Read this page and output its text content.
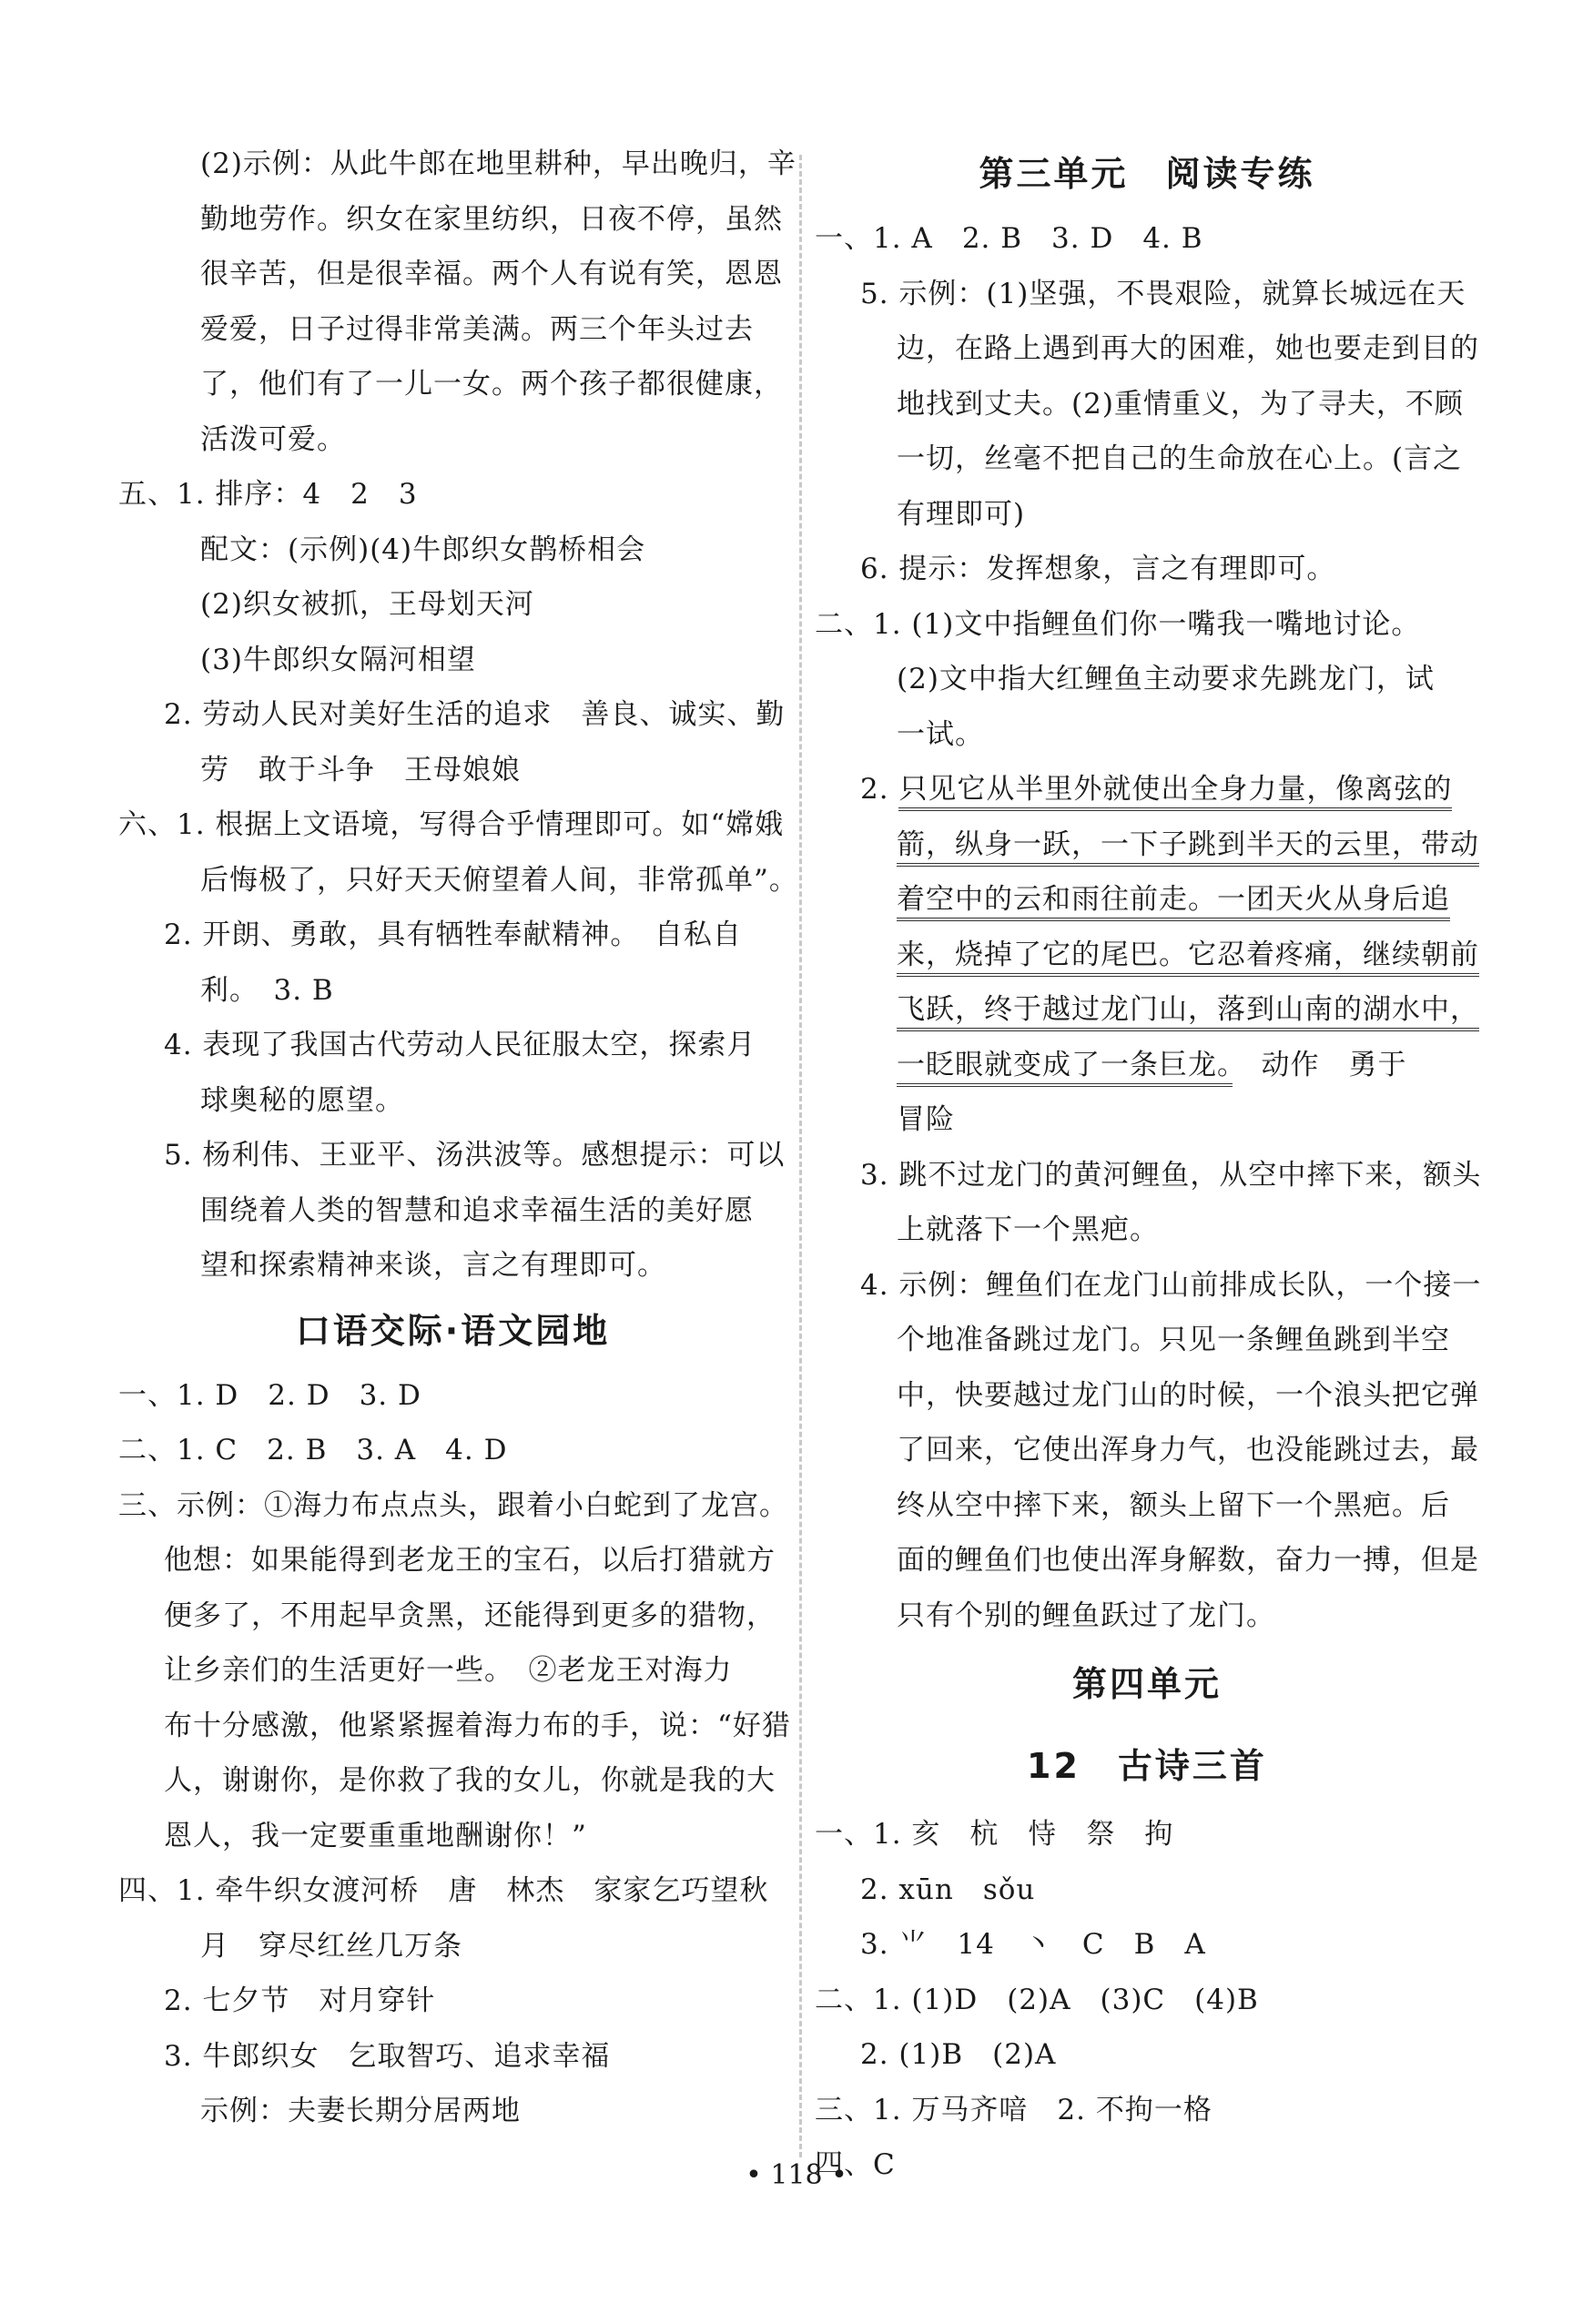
(2)示例：从此牛郎在地里耕种，早出晚归，辛
勤地劳作。织女在家里纺织，日夜不停，虽然
很辛苦，但是很幸福。两个人有说有笑，恩恩
爱爱，日子过得非常美满。两三个年头过去
了，他们有了一儿一女。两个孩子都很健康，
活泼可爱。
五、1. 排序：4　2　3
配文：(示例)(4)牛郎织女鹊桥相会
(2)织女被抓，王母划天河
(3)牛郎织女隔河相望
2. 劳动人民对美好生活的追求　善良、诚实、勤
劳　敢于斗争　王母娘娘
六、1. 根据上文语境，写得合乎情理即可。如“嫦娥
后悔极了，只好天天俯望着人间，非常孤单”。
2. 开朗、勇敢，具有牺牲奉献精神。　自私自
利。　3. B
4. 表现了我国古代劳动人民征服太空，探索月
球奥秘的愿望。
5. 杨利伟、王亚平、汤洪波等。感想提示：可以
围绕着人类的智慧和追求幸福生活的美好愿
望和探索精神来谈，言之有理即可。
口语交际·语文园地
一、1. D　2. D　3. D
二、1. C　2. B　3. A　4. D
三、示例：①海力布点点头，跟着小白蛇到了龙宫。
他想：如果能得到老龙王的宝石，以后打猎就方
便多了，不用起早贪黑，还能得到更多的猎物，
让乡亲们的生活更好一些。　②老龙王对海力
布十分感激，他紧紧握着海力布的手，说：“好猎
人，谢谢你，是你救了我的女儿，你就是我的大
恩人，我一定要重重地酬谢你！”
四、1. 牵牛织女渡河桥　唐　林杰　家家乞巧望秋
月　穿尽红丝几万条
2. 七夕节　对月穿针
3. 牛郎织女　乞取智巧、追求幸福
示例：夫妻长期分居两地
第三单元　阅读专练
一、1. A　2. B　3. D　4. B
5. 示例：(1)坚强，不畏艰险，就算长城远在天
边，在路上遇到再大的困难，她也要走到目的
地找到丈夫。(2)重情重义，为了寻夫，不顾
一切，丝毫不把自己的生命放在心上。(言之
有理即可)
6. 提示：发挥想象，言之有理即可。
二、1. (1)文中指鲤鱼们你一嘴我一嘴地讨论。
(2)文中指大红鲤鱼主动要求先跳龙门，试
一试。
2. 只见它从半里外就使出全身力量，像离弦的
箭，纵身一跃，一下子跳到半天的云里，带动
着空中的云和雨往前走。一团天火从身后追
来，烧掉了它的尾巴。它忍着疼痛，继续朝前
飞跃，终于越过龙门山，落到山南的湖水中，
一眨眼就变成了一条巨龙。　动作　勇于
冒险
3. 跳不过龙门的黄河鲤鱼，从空中摔下来，额头
上就落下一个黑疤。
4. 示例：鲤鱼们在龙门山前排成长队，一个接一
个地准备跳过龙门。只见一条鲤鱼跳到半空
中，快要越过龙门山的时候，一个浪头把它弹
了回来，它使出浑身力气，也没能跳过去，最
终从空中摔下来，额头上留下一个黑疤。后
面的鲤鱼们也使出浑身解数，奋力一搏，但是
只有个别的鲤鱼跃过了龙门。
第四单元
12　古诗三首
一、1. 亥　杭　恃　祭　拘
2. xūn　sǒu
3. ⺌　14　丶　C　B　A
二、1. (1)D　(2)A　(3)C　(4)B
2. (1)B　(2)A
三、1. 万马齐喑　2. 不拘一格
四、C
• 118 •
